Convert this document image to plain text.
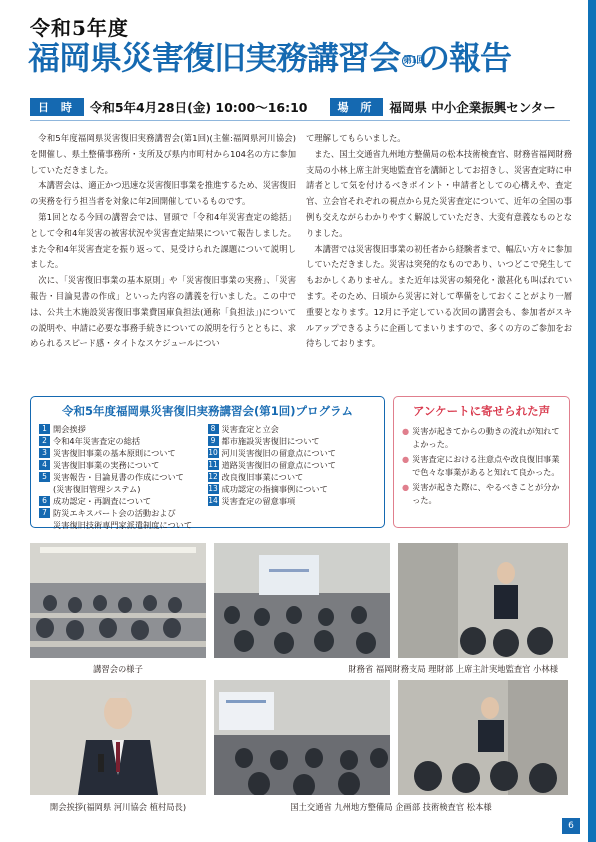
令和5年度
福岡県災害復旧実務講習会 第1回の報告
日 時	令和5年4月28日(金) 10:00～16:10	場 所	福岡県 中小企業振興センター

令和5年度福岡県災害復旧実務講習会(第1回)(主催:福岡県河川協会)を開催し、県土整備事務所・支所及び県内市町村から104名の方に参加していただきました。

本講習会は、適正かつ迅速な災害復旧事業を推進するため、災害復旧の実務を行う担当者を対象に年2回開催しているものです。

第1回となる今回の講習会では、冒頭で「令和4年災害査定の総括」として令和4年災害の被害状況や災害査定結果について報告しました。また令和4年災害査定を振り返って、見受けられた課題について説明しました。

次に、「災害復旧事業の基本原則」や「災害復旧事業の実務」、「災害報告・目論見書の作成」といった内容の講義を行いました。この中では、公共土木施設災害復旧事業費国庫負担法(通称「負担法」)についての説明や、申請に必要な事務手続きについての説明を行うとともに、求められるスピード感・タイトなスケジュールについ

て理解してもらいました。

また、国土交通省九州地方整備局の松本技術検査官、財務省福岡財務支局の小林上席主計実地監査官を講師としてお招きし、災害査定時に申請者として気を付けるべきポイント・申請者としての心構えや、査定官、立会官それぞれの視点から見た災害査定について、近年の全国の事例も交えながらわかりやすく解説していただき、大変有意義なものとなりました。

本講習では災害復旧事業の初任者から経験者まで、幅広い方々に参加していただきました。災害は突発的なものであり、いつどこで発生してもおかしくありません。また近年は災害の頻発化・激甚化も叫ばれています。そのため、日頃から災害に対して準備をしておくことがより一層重要となります。12月に予定している次回の講習会も、参加者がスキルアップできるように企画してまいりますので、多くの方のご参加をお待ちしております。

令和5年度福岡県災害復旧実務講習会(第1回)プログラム
1 開会挨拶
2 令和4年災害査定の総括
3 災害復旧事業の基本原則について
4 災害復旧事業の実務について
5 災害報告・目論見書の作成について
(災害復旧管理システム)
6 成功認定・再調査について
7 防災エキスパート会の活動および
災害復旧技術専門家派遣制度について
8 災害査定と立会
9 都市施設災害復旧について
10 河川災害復旧の留意点について
11 道路災害復旧の留意点について
12 改良復旧事業について
13 成功認定の指摘事例について
14 災害査定の留意事項
アンケートに寄せられた声
● 災害が起きてからの動きの流れが知れてよかった。
● 災害査定における注意点や改良復旧事業で色々な事業があると知れて良かった。
● 災害が起きた際に、やるべきことが分かった。
講習会の様子	財務省 福岡財務支局 理財部 上席主計実地監査官 小林様
開会挨拶(福岡県 河川協会 植村局長)	国土交通省 九州地方整備局 企画部 技術検査官 松本様
6
